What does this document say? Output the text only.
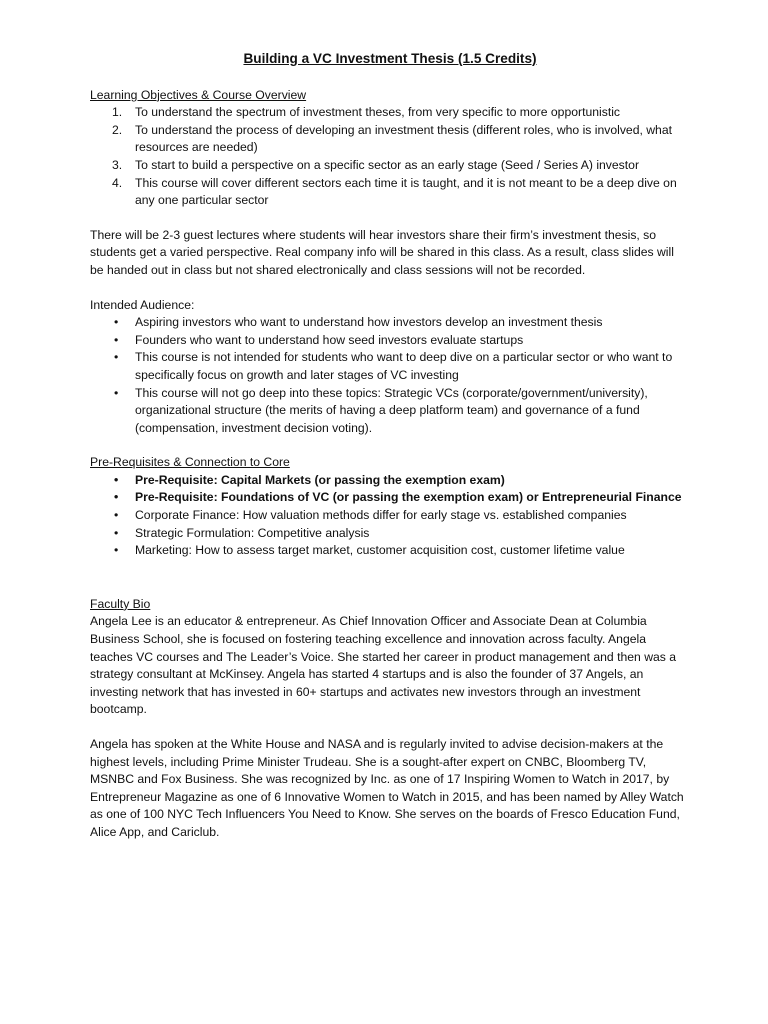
Building a VC Investment Thesis (1.5 Credits)
Learning Objectives & Course Overview
1. To understand the spectrum of investment theses, from very specific to more opportunistic
2. To understand the process of developing an investment thesis (different roles, who is involved, what resources are needed)
3. To start to build a perspective on a specific sector as an early stage (Seed / Series A) investor
4. This course will cover different sectors each time it is taught, and it is not meant to be a deep dive on any one particular sector

There will be 2-3 guest lectures where students will hear investors share their firm’s investment thesis, so students get a varied perspective. Real company info will be shared in this class. As a result, class slides will be handed out in class but not shared electronically and class sessions will not be recorded.

Intended Audience:
• Aspiring investors who want to understand how investors develop an investment thesis
• Founders who want to understand how seed investors evaluate startups
• This course is not intended for students who want to deep dive on a particular sector or who want to specifically focus on growth and later stages of VC investing
• This course will not go deep into these topics: Strategic VCs (corporate/government/university), organizational structure (the merits of having a deep platform team) and governance of a fund (compensation, investment decision voting).
Pre-Requisites & Connection to Core
• Pre-Requisite: Capital Markets (or passing the exemption exam)
• Pre-Requisite: Foundations of VC (or passing the exemption exam) or Entrepreneurial Finance
• Corporate Finance: How valuation methods differ for early stage vs. established companies
• Strategic Formulation: Competitive analysis
• Marketing: How to assess target market, customer acquisition cost, customer lifetime value
Faculty Bio

Angela Lee is an educator & entrepreneur. As Chief Innovation Officer and Associate Dean at Columbia Business School, she is focused on fostering teaching excellence and innovation across faculty. Angela teaches VC courses and The Leader’s Voice. She started her career in product management and then was a strategy consultant at McKinsey. Angela has started 4 startups and is also the founder of 37 Angels, an investing network that has invested in 60+ startups and activates new investors through an investment bootcamp.

Angela has spoken at the White House and NASA and is regularly invited to advise decision-makers at the highest levels, including Prime Minister Trudeau. She is a sought-after expert on CNBC, Bloomberg TV, MSNBC and Fox Business. She was recognized by Inc. as one of 17 Inspiring Women to Watch in 2017, by Entrepreneur Magazine as one of 6 Innovative Women to Watch in 2015, and has been named by Alley Watch as one of 100 NYC Tech Influencers You Need to Know. She serves on the boards of Fresco Education Fund, Alice App, and Cariclub.
